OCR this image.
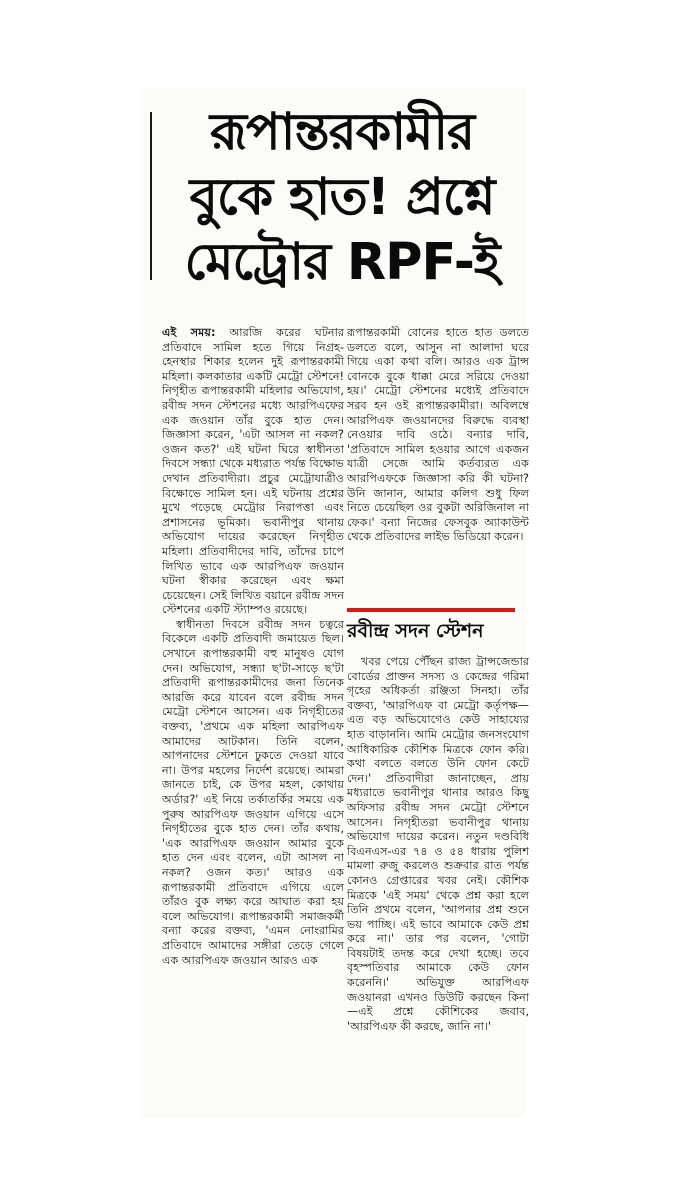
রূপান্তরকামীর
বুকে হাত! প্রশ্নে
মেট্রোর RPF-ই

এই সময়: আরজি করের ঘটনার প্রতিবাদে সামিল হতে গিয়ে নিগ্রহ-হেনস্থার শিকার হলেন দুই রূপান্তরকামী মহিলা। কলকাতার একটি মেট্রো স্টেশনে! নিগৃহীত রূপান্তরকামী মহিলার অভিযোগ, রবীন্দ্র সদন স্টেশনের মধ্যে আরপিএফের এক জওয়ান তাঁর বুকে হাত দেন। জিজ্ঞাসা করেন, 'এটা আসল না নকল? ওজন কত?' এই ঘটনা ঘিরে স্বাধীনতা দিবসে সন্ধ্যা থেকে মধ্যরাত পর্যন্ত বিক্ষোভ দেখান প্রতিবাদীরা। প্রচুর মেট্রোযাত্রীও বিক্ষোভে সামিল হন। এই ঘটনায় প্রশ্নের মুখে পড়েছে মেট্রোর নিরাপত্তা এবং প্রশাসনের ভূমিকা। ভবানীপুর থানায় অভিযোগ দায়ের করেছেন নিগৃহীত মহিলা। প্রতিবাদীদের দাবি, তাঁদের চাপে লিখিত ভাবে এক আরপিএফ জওয়ান ঘটনা স্বীকার করেছেন এবং ক্ষমা চেয়েছেন। সেই লিখিত বয়ানে রবীন্দ্র সদন স্টেশনের একটি স্ট্যাম্পও রয়েছে।

স্বাধীনতা দিবসে রবীন্দ্র সদন চত্বরে বিকেলে একটি প্রতিবাদী জমায়েত ছিল। সেখানে রূপান্তরকামী বহু মানুষও যোগ দেন। অভিযোগ, সন্ধ্যা ছ'টা-সাড়ে ছ'টা প্রতিবাদী রূপান্তরকামীদের জনা তিনেক আরজি করে যাবেন বলে রবীন্দ্র সদন মেট্রো স্টেশনে আসেন। এক নিগৃহীতের বক্তব্য, 'প্রথমে এক মহিলা আরপিএফ আমাদের আটকান। তিনি বলেন, আপনাদের স্টেশনে ঢুকতে দেওয়া যাবে না। উপর মহলের নির্দেশ রয়েছে। আমরা জানতে চাই, কে উপর মহল, কোথায় অর্ডার?' এই নিয়ে তর্কাতর্কির সময়ে এক পুরুষ আরপিএফ জওয়ান এগিয়ে এসে নিগৃহীতের বুকে হাত দেন। তাঁর কথায়, 'এক আরপিএফ জওয়ান আমার বুকে হাত দেন এবং বলেন, এটা আসল না নকল? ওজন কত।' আরও এক রূপান্তরকামী প্রতিবাদে এগিয়ে এলে তাঁরও বুক লক্ষ্য করে আঘাত করা হয় বলে অভিযোগ। রূপান্তরকামী সমাজকর্মী বন্যা করের বক্তব্য, 'এমন নোংরামির প্রতিবাদে আমাদের সঙ্গীরা তেড়ে গেলে এক আরপিএফ জওয়ান আরও এক

রূপান্তরকামী বোনের হাতে হাত ডলতে ডলতে বলে, আসুন না আলাদা ঘরে গিয়ে একা কথা বলি। আরও এক ট্রান্স বোনকে বুকে ধাক্কা মেরে সরিয়ে দেওয়া হয়।' মেট্রো স্টেশনের মধ্যেই প্রতিবাদে সরব হন ওই রূপান্তরকামীরা। অবিলম্বে আরপিএফ জওয়ানদের বিরুদ্ধে ব্যবস্থা নেওয়ার দাবি ওঠে। বন্যার দাবি, 'প্রতিবাদে সামিল হওয়ার আগে একজন যাত্রী সেজে আমি কর্তব্যরত এক আরপিএফকে জিজ্ঞাসা করি কী ঘটনা? উনি জানান, আমার কলিগ শুধু ফিল নিতে চেয়েছিল ওর বুকটা অরিজিনাল না ফেক।' বন্যা নিজের ফেসবুক অ্যাকাউন্ট থেকে প্রতিবাদের লাইভ ভিডিয়ো করেন।

রবীন্দ্র সদন স্টেশন

খবর পেয়ে পৌঁছন রাজ্য ট্রান্সজেন্ডার বোর্ডের প্রাক্তন সদস্য ও কেন্দ্রের গরিমা গৃহের অধিকর্তা রঞ্জিতা সিনহা। তাঁর বক্তব্য, 'আরপিএফ বা মেট্রো কর্তৃপক্ষ—এত বড় অভিযোগেও কেউ সাহায্যের হাত বাড়াননি। আমি মেট্রোর জনসংযোগ আধিকারিক কৌশিক মিত্রকে ফোন করি। কথা বলতে বলতে উনি ফোন কেটে দেন।' প্রতিবাদীরা জানাচ্ছেন, প্রায় মধ্যরাতে ভবানীপুর থানার আরও কিছু অফিসার রবীন্দ্র সদন মেট্রো স্টেশনে আসেন। নিগৃহীতরা ভবানীপুর থানায় অভিযোগ দায়ের করেন। নতুন দণ্ডবিধি বিএনএস-এর ৭৪ ও ৫৪ ধারায় পুলিশ মামলা রুজু করলেও শুক্রবার রাত পর্যন্ত কোনও গ্রেপ্তারের খবর নেই। কৌশিক মিত্রকে 'এই সময়' থেকে প্রশ্ন করা হলে তিনি প্রথমে বলেন, 'আপনার প্রশ্ন শুনে ভয় পাচ্ছি। এই ভাবে আমাকে কেউ প্রশ্ন করে না।' তার পর বলেন, 'গোটা বিষয়টাই তদন্ত করে দেখা হচ্ছে। তবে বৃহস্পতিবার আমাকে কেউ ফোন করেননি।' অভিযুক্ত আরপিএফ জওয়ানরা এখনও ডিউটি করছেন কিনা—এই প্রশ্নে কৌশিকের জবাব, 'আরপিএফ কী করছে, জানি না।'
